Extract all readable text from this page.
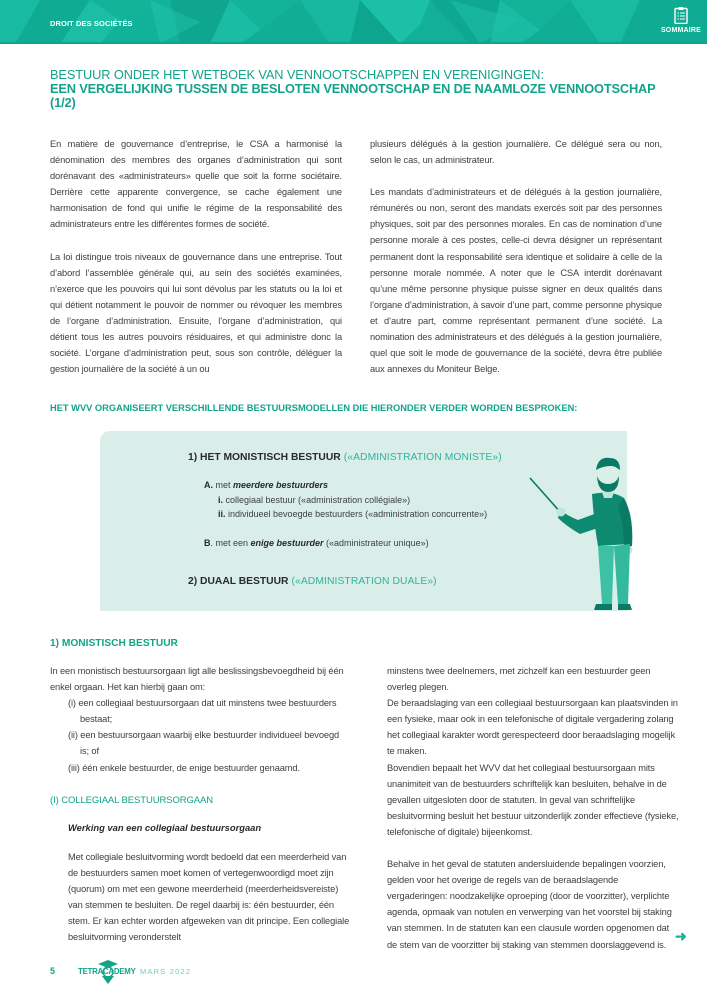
DROIT DES SOCIÉTÉS
SOMMAIRE
BESTUUR ONDER HET WETBOEK VAN VENNOOTSCHAPPEN EN VERENIGINGEN:
EEN VERGELIJKING TUSSEN DE BESLOTEN VENNOOTSCHAP EN DE NAAMLOZE VENNOOTSCHAP (1/2)

En matière de gouvernance d’entreprise, le CSA a harmonisé la dénomination des membres des organes d’administration qui sont dorénavant des «administrateurs» quelle que soit la forme sociétaire. Derrière cette apparente convergence, se cache également une harmonisation de fond qui unifie le régime de la responsabilité des administrateurs entre les différentes formes de société.

La loi distingue trois niveaux de gouvernance dans une entreprise. Tout d’abord l’assemblée générale qui, au sein des sociétés examinées, n’exerce que les pouvoirs qui lui sont dévolus par les statuts ou la loi et qui détient notamment le pouvoir de nommer ou révoquer les membres de l’organe d’administration. Ensuite, l’organe d’administration, qui détient tous les autres pouvoirs résiduaires, et qui administre donc la société. L’organe d’administration peut, sous son contrôle, déléguer la gestion journalière de la société à un ou

plusieurs délégués à la gestion journalière. Ce délégué sera ou non, selon le cas, un administrateur.

Les mandats d’administrateurs et de délégués à la gestion journalière, rémunérés ou non, seront des mandats exercés soit par des personnes physiques, soit par des personnes morales. En cas de nomination d’une personne morale à ces postes, celle-ci devra désigner un représentant permanent dont la responsabilité sera identique et solidaire à celle de la personne morale nommée. A noter que le CSA interdit dorénavant qu’une même personne physique puisse signer en deux qualités dans l’organe d’administration, à savoir d’une part, comme personne physique et d’autre part, comme représentant permanent d’une société. La nomination des administrateurs et des délégués à la gestion journalière, quel que soit le mode de gouvernance de la société, devra être publiée aux annexes du Moniteur Belge.

HET WVV ORGANISEERT VERSCHILLENDE BESTUURSMODELLEN DIE HIERONDER VERDER WORDEN BESPROKEN:
1) HET MONISTISCH BESTUUR («ADMINISTRATION MONISTE»)
A. met meerdere bestuurders
i. collegiaal bestuur («administration collégiale»)
ii. individueel bevoegde bestuurders («administration concurrente»)
B. met een enige bestuurder («administrateur unique»)
2) DUAAL BESTUUR («ADMINISTRATION DUALE»)
1) MONISTISCH BESTUUR

In een monistisch bestuursorgaan ligt alle beslissingsbevoegdheid bij één enkel orgaan. Het kan hierbij gaan om:

(i) een collegiaal bestuursorgaan dat uit minstens twee bestuurders bestaat;
(ii) een bestuursorgaan waarbij elke bestuurder individueel bevoegd is; of
(iii) één enkele bestuurder, de enige bestuurder genaamd.
(I) COLLEGIAAL BESTUURSORGAAN
Werking van een collegiaal bestuursorgaan

Met collegiale besluitvorming wordt bedoeld dat een meerderheid van de bestuurders samen moet komen of vertegenwoordigd moet zijn (quorum) om met een gewone meerderheid (meerderheidsvereiste) van stemmen te besluiten. De regel daarbij is: één bestuurder, één stem. Er kan echter worden afgeweken van dit principe. Een collegiale besluitvorming veronderstelt

minstens twee deelnemers, met zichzelf kan een bestuurder geen overleg plegen.

De beraadslaging van een collegiaal bestuursorgaan kan plaatsvinden in een fysieke, maar ook in een telefonische of digitale vergadering zolang het collegiaal karakter wordt gerespecteerd door beraadslaging mogelijk te maken.

Bovendien bepaalt het WVV dat het collegiaal bestuursorgaan mits unanimiteit van de bestuurders schriftelijk kan besluiten, behalve in de gevallen uitgesloten door de statuten. In geval van schriftelijke besluitvorming besluit het bestuur uitzonderlijk zonder effectieve (fysieke, telefonische of digitale) bijeenkomst.

Behalve in het geval de statuten andersluidende bepalingen voorzien, gelden voor het overige de regels van de beraadslagende vergaderingen: noodzakelijke oproeping (door de voorzitter), verplichte agenda, opmaak van notulen en verwerping van het voorstel bij staking van stemmen. In de statuten kan een clausule worden opgenomen dat de stem van de voorzitter bij staking van stemmen doorslaggevend is.

➜
5	TETRACADEMY MARS 2022
